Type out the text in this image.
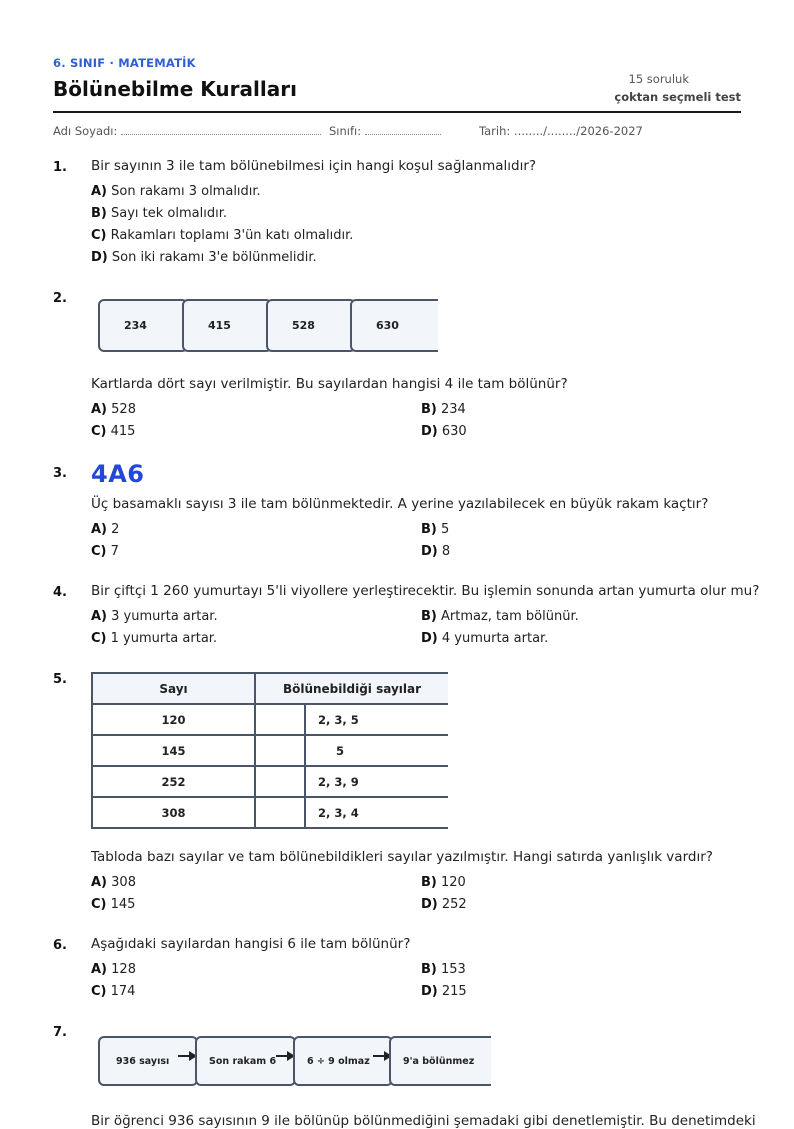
6. SINIF · MATEMATİK
Bölünebilme Kuralları	15 soruluk
çoktan seçmeli test
Adı Soyadı:	Sınıfı:	Tarih: ......../......../2026-2027
1. Bir sayının 3 ile tam bölünebilmesi için hangi koşul sağlanmalıdır?
A) Son rakamı 3 olmalıdır.
B) Sayı tek olmalıdır.
C) Rakamları toplamı 3'ün katı olmalıdır.
D) Son iki rakamı 3'e bölünmelidir.
2.
234	415	528	630
Kartlarda dört sayı verilmiştir. Bu sayılardan hangisi 4 ile tam bölünür?
A) 528	B) 234
C) 415	D) 630
3. 4A6
Üç basamaklı sayısı 3 ile tam bölünmektedir. A yerine yazılabilecek en büyük rakam kaçtır?
A) 2	B) 5
C) 7	D) 8
4. Bir çiftçi 1 260 yumurtayı 5'li viyollere yerleştirecektir. Bu işlemin sonunda artan yumurta olur mu?
A) 3 yumurta artar.	B) Artmaz, tam bölünür.
C) 1 yumurta artar.	D) 4 yumurta artar.
5.
Sayı	Bölünebildiği sayılar	
120		2, 3, 5
145		5
252		2, 3, 9
308		2, 3, 4
Tabloda bazı sayılar ve tam bölünebildikleri sayılar yazılmıştır. Hangi satırda yanlışlık vardır?
A) 308	B) 120
C) 145	D) 252
6. Aşağıdaki sayılardan hangisi 6 ile tam bölünür?
A) 128	B) 153
C) 174	D) 215
7.
936 sayısı	Son rakam 6	6 ÷ 9 olmaz	9'a bölünmez
Bir öğrenci 936 sayısının 9 ile bölünüp bölünmediğini şemadaki gibi denetlemiştir. Bu denetimdeki
